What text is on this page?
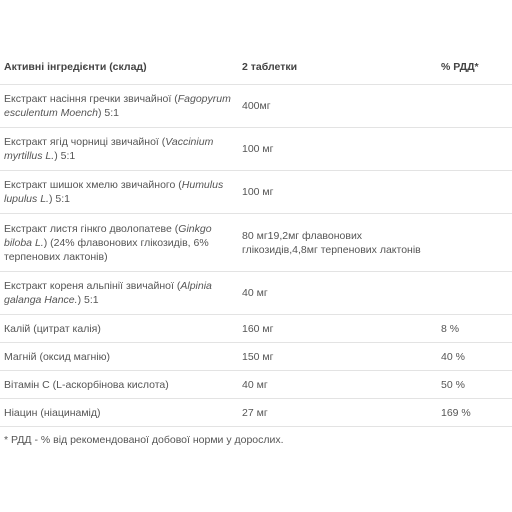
Активні інгредієнти (склад)	2 таблетки	% РДД*
Екстракт насіння гречки звичайної (Fagopyrum esculentum Moench) 5:1	400мг	
Екстракт ягід чорниці звичайної (Vaccinium myrtillus L.) 5:1	100 мг	
Екстракт шишок хмелю звичайного (Humulus lupulus L.) 5:1	100 мг	
Екстракт листя гінкго дволопатеве (Ginkgo biloba L.) (24% флавонових глікозидів, 6% терпенових лактонів)	80 мг19,2мг флавонових глікозидів,4,8мг терпенових лактонів	
Екстракт кореня альпінії звичайної (Alpinia galanga Hance.) 5:1	40 мг	
Калій (цитрат калія)	160 мг	8 %
Магній (оксид магнію)	150 мг	40 %
Вітамін С (L-аскорбінова кислота)	40 мг	50 %
Ніацин (ніацинамід)	27 мг	169 %
* РДД - % від рекомендованої добової норми у дорослих.
